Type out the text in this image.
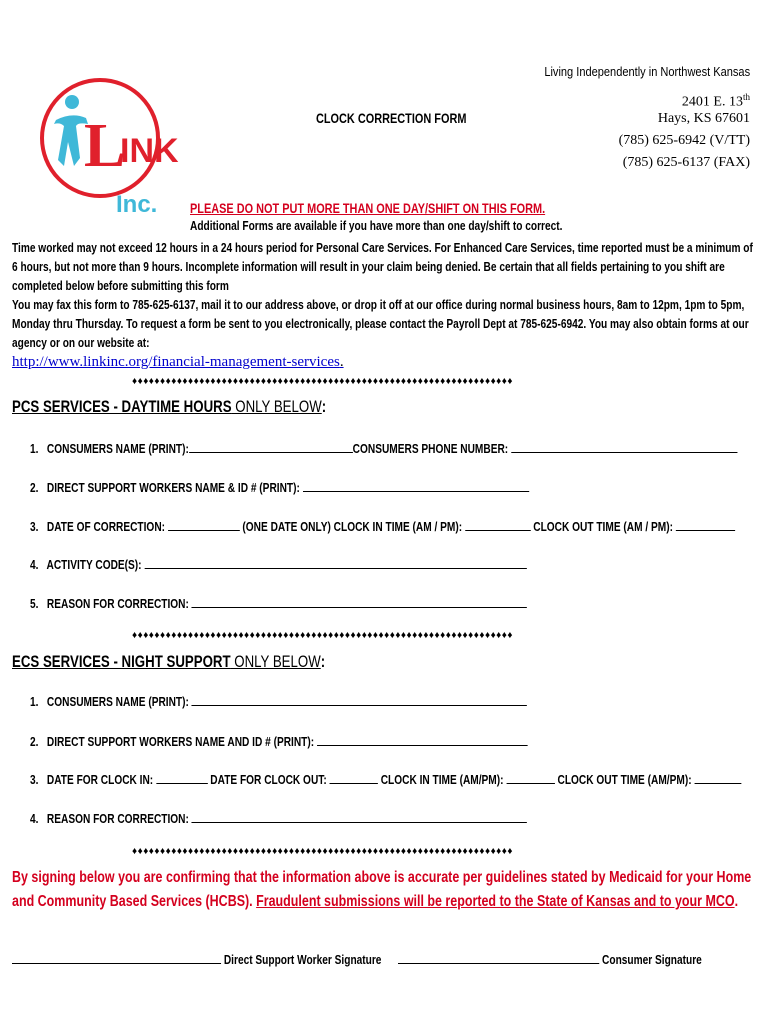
L
INK
Inc.
Living Independently in Northwest Kansas
2401 E. 13th
Hays, KS 67601
(785) 625-6942 (V/TT)
(785) 625-6137 (FAX)
CLOCK CORRECTION FORM
PLEASE DO NOT PUT MORE THAN ONE DAY/SHIFT ON THIS FORM.
Additional Forms are available if you have more than one day/shift to correct.
Time worked may not exceed 12 hours in a 24 hours period for Personal Care Services. For Enhanced Care Services, time reported must be a minimum of 6 hours, but not more than 9 hours. Incomplete information will result in your claim being denied. Be certain that all fields pertaining to you shift are completed below before submitting this form
You may fax this form to 785-625-6137, mail it to our address above, or drop it off at our office during normal business hours, 8am to 12pm, 1pm to 5pm, Monday thru Thursday. To request a form be sent to you electronically, please contact the Payroll Dept at 785-625-6942. You may also obtain forms at our agency or on our website at:
http://www.linkinc.org/financial-management-services.
♦♦♦♦♦♦♦♦♦♦♦♦♦♦♦♦♦♦♦♦♦♦♦♦♦♦♦♦♦♦♦♦♦♦♦♦♦♦♦♦♦♦♦♦♦♦♦♦♦♦♦♦♦♦♦♦♦♦♦♦♦♦♦♦♦♦♦♦
PCS SERVICES - DAYTIME HOURS ONLY BELOW:
1. CONSUMERS NAME (PRINT):	CONSUMERS PHONE NUMBER:
2. DIRECT SUPPORT WORKERS NAME & ID # (PRINT):
3. DATE OF CORRECTION:	(ONE DATE ONLY) CLOCK IN TIME (AM / PM):	CLOCK OUT TIME (AM / PM):
4. ACTIVITY CODE(S):
5. REASON FOR CORRECTION:
♦♦♦♦♦♦♦♦♦♦♦♦♦♦♦♦♦♦♦♦♦♦♦♦♦♦♦♦♦♦♦♦♦♦♦♦♦♦♦♦♦♦♦♦♦♦♦♦♦♦♦♦♦♦♦♦♦♦♦♦♦♦♦♦♦♦♦♦
ECS SERVICES - NIGHT SUPPORT ONLY BELOW:
1. CONSUMERS NAME (PRINT):
2. DIRECT SUPPORT WORKERS NAME AND ID # (PRINT):
3. DATE FOR CLOCK IN:	DATE FOR CLOCK OUT:	CLOCK IN TIME (AM/PM):	CLOCK OUT TIME (AM/PM):
4. REASON FOR CORRECTION:
♦♦♦♦♦♦♦♦♦♦♦♦♦♦♦♦♦♦♦♦♦♦♦♦♦♦♦♦♦♦♦♦♦♦♦♦♦♦♦♦♦♦♦♦♦♦♦♦♦♦♦♦♦♦♦♦♦♦♦♦♦♦♦♦♦♦♦♦
By signing below you are confirming that the information above is accurate per guidelines stated by Medicaid for your Home and Community Based Services (HCBS). Fraudulent submissions will be reported to the State of Kansas and to your MCO.
Direct Support Worker Signature	Consumer Signature
